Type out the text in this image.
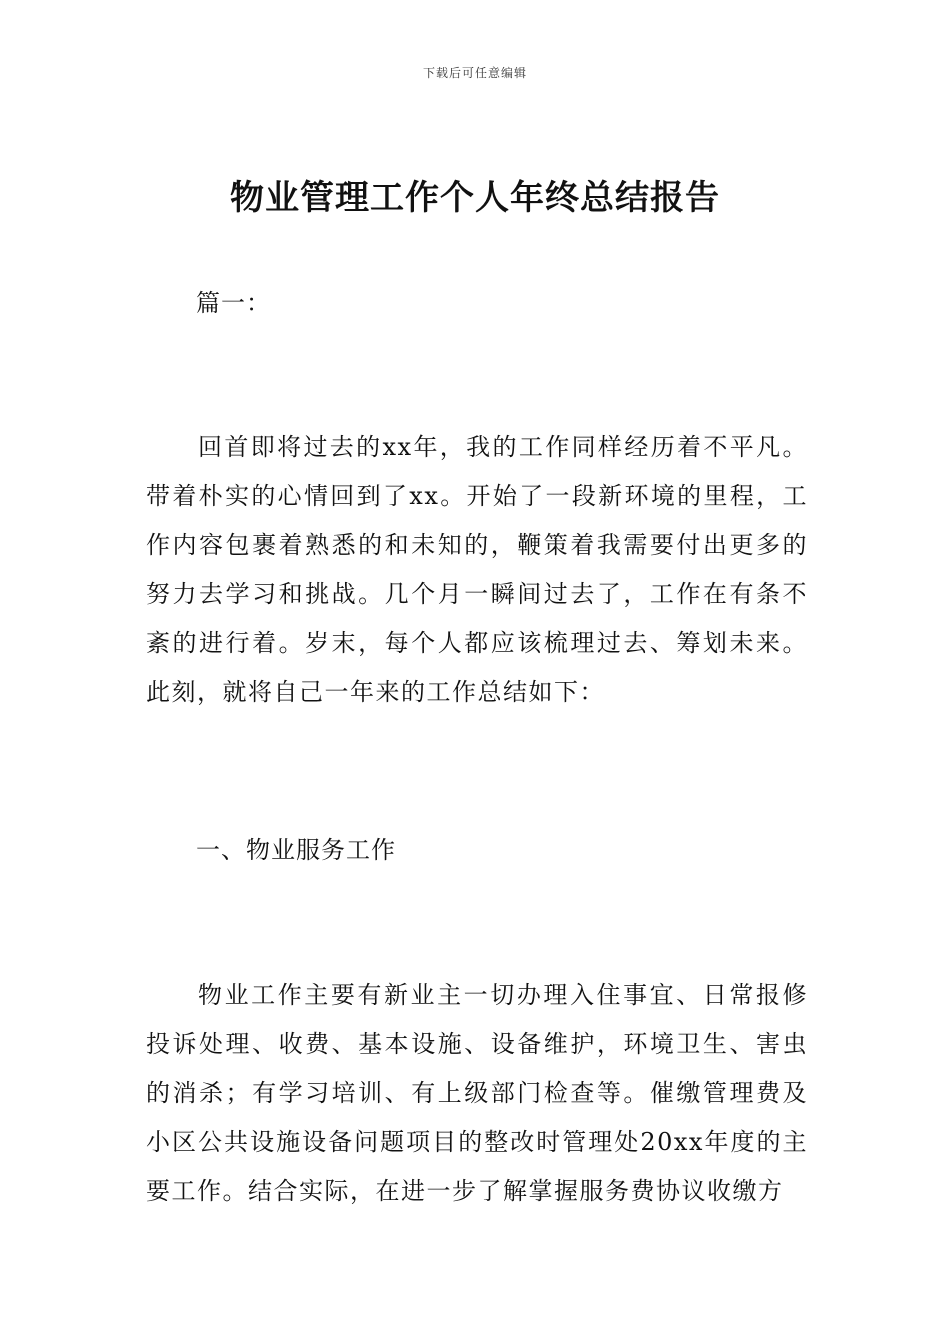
下载后可任意编辑
物业管理工作个人年终总结报告
篇一：

回首即将过去的xx年，我的工作同样经历着不平凡。带着朴实的心情回到了xx。开始了一段新环境的里程，工作内容包裹着熟悉的和未知的，鞭策着我需要付出更多的努力去学习和挑战。几个月一瞬间过去了，工作在有条不紊的进行着。岁末，每个人都应该梳理过去、筹划未来。此刻，就将自己一年来的工作总结如下：

一、物业服务工作

物业工作主要有新业主一切办理入住事宜、日常报修投诉处理、收费、基本设施、设备维护，环境卫生、害虫的消杀；有学习培训、有上级部门检查等。催缴管理费及小区公共设施设备问题项目的整改时管理处20xx年度的主要工作。结合实际，在进一步了解掌握服务费协议收缴方
